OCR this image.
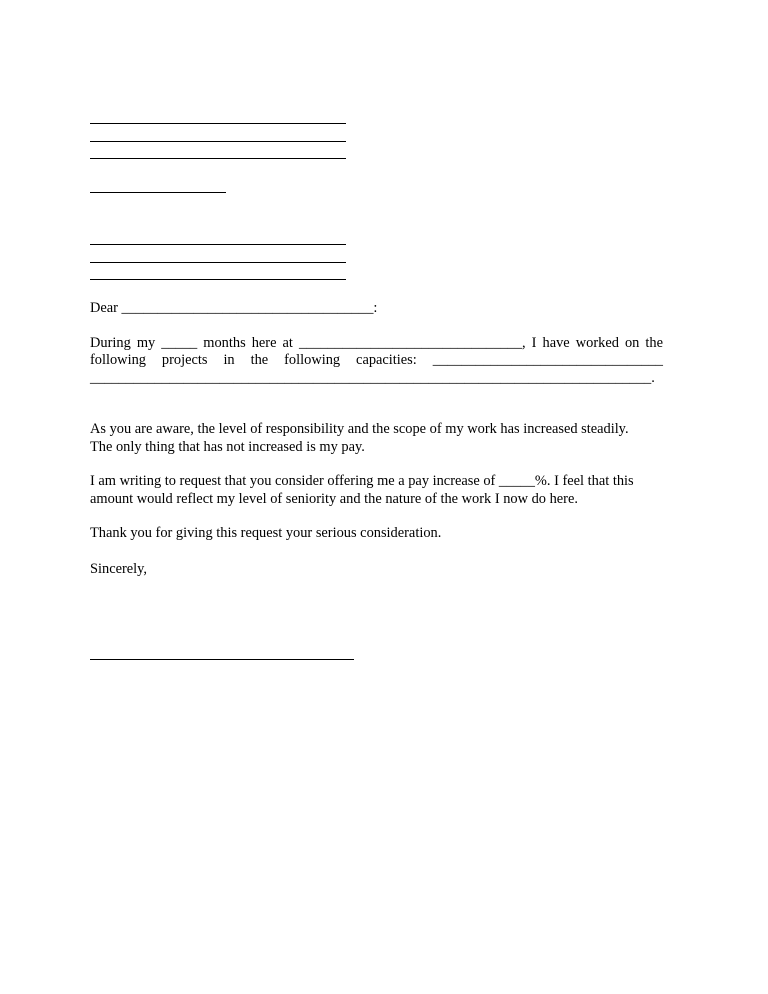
Dear ___________________________________:
During my _____ months here at _______________________________, I have worked on the
following projects in the following capacities: ________________________________
______________________________________________________________________________.
As you are aware, the level of responsibility and the scope of my work has increased steadily.
The only thing that has not increased is my pay.
I am writing to request that you consider offering me a pay increase of _____%. I feel that this
amount would reflect my level of seniority and the nature of the work I now do here.
Thank you for giving this request your serious consideration.
Sincerely,
